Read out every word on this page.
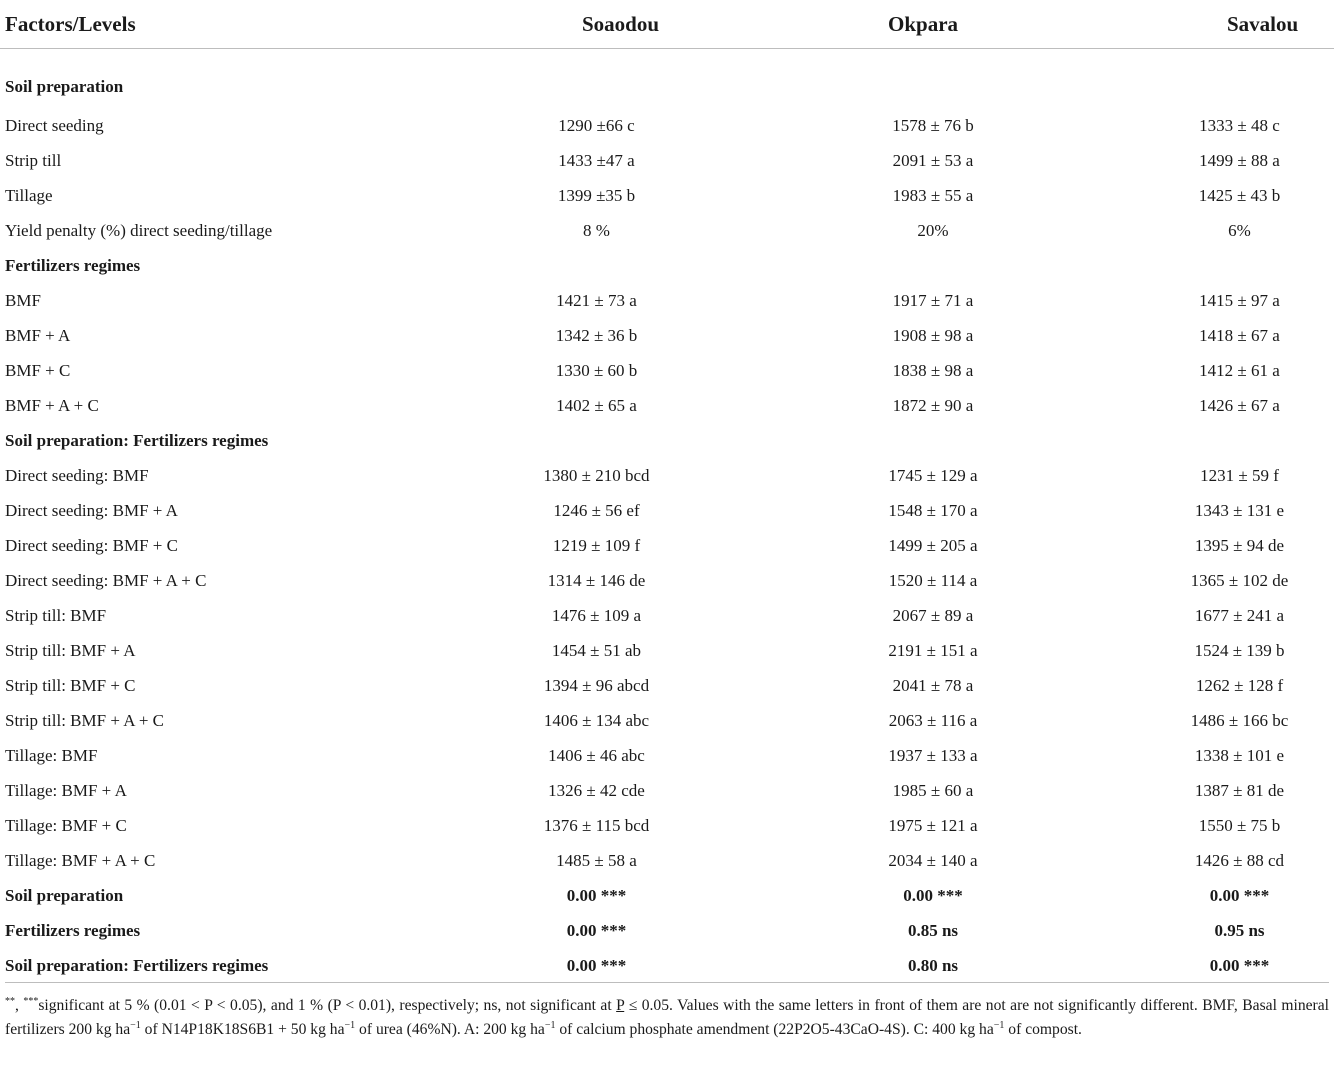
Factors/Levels	Soaodou	Okpara	Savalou
Soil preparation			
Direct seeding	1290 ±66 c	1578 ± 76 b	1333 ± 48 c
Strip till	1433 ±47 a	2091 ± 53 a	1499 ± 88 a
Tillage	1399 ±35 b	1983 ± 55 a	1425 ± 43 b
Yield penalty (%) direct seeding/tillage	8 %	20%	6%
Fertilizers regimes			
BMF	1421 ± 73 a	1917 ± 71 a	1415 ± 97 a
BMF + A	1342 ± 36 b	1908 ± 98 a	1418 ± 67 a
BMF + C	1330 ± 60 b	1838 ± 98 a	1412 ± 61 a
BMF + A + C	1402 ± 65 a	1872 ± 90 a	1426 ± 67 a
Soil preparation: Fertilizers regimes			
Direct seeding: BMF	1380 ± 210 bcd	1745 ± 129 a	1231 ± 59 f
Direct seeding: BMF + A	1246 ± 56 ef	1548 ± 170 a	1343 ± 131 e
Direct seeding: BMF + C	1219 ± 109 f	1499 ± 205 a	1395 ± 94 de
Direct seeding: BMF + A + C	1314 ± 146 de	1520 ± 114 a	1365 ± 102 de
Strip till: BMF	1476 ± 109 a	2067 ± 89 a	1677 ± 241 a
Strip till: BMF + A	1454 ± 51 ab	2191 ± 151 a	1524 ± 139 b
Strip till: BMF + C	1394 ± 96 abcd	2041 ± 78 a	1262 ± 128 f
Strip till: BMF + A + C	1406 ± 134 abc	2063 ± 116 a	1486 ± 166 bc
Tillage: BMF	1406 ± 46 abc	1937 ± 133 a	1338 ± 101 e
Tillage: BMF + A	1326 ± 42 cde	1985 ± 60 a	1387 ± 81 de
Tillage: BMF + C	1376 ± 115 bcd	1975 ± 121 a	1550 ± 75 b
Tillage: BMF + A + C	1485 ± 58 a	2034 ± 140 a	1426 ± 88 cd
Soil preparation	0.00 ***	0.00 ***	0.00 ***
Fertilizers regimes	0.00 ***	0.85 ns	0.95 ns
Soil preparation: Fertilizers regimes	0.00 ***	0.80 ns	0.00 ***
**, ***significant at 5 % (0.01 < P < 0.05), and 1 % (P < 0.01), respectively; ns, not significant at P ≤ 0.05. Values with the same letters in front of them are not are not significantly different. BMF, Basal mineral fertilizers 200 kg $ha^{-1}$ of N14P18K18S6B1 + 50 kg $ha^{-1}$ of urea (46%N). A: 200 kg $ha^{-1}$ of calcium phosphate amendment (22P2O5-43CaO-4S). C: 400 kg $ha^{-1}$ of compost.
